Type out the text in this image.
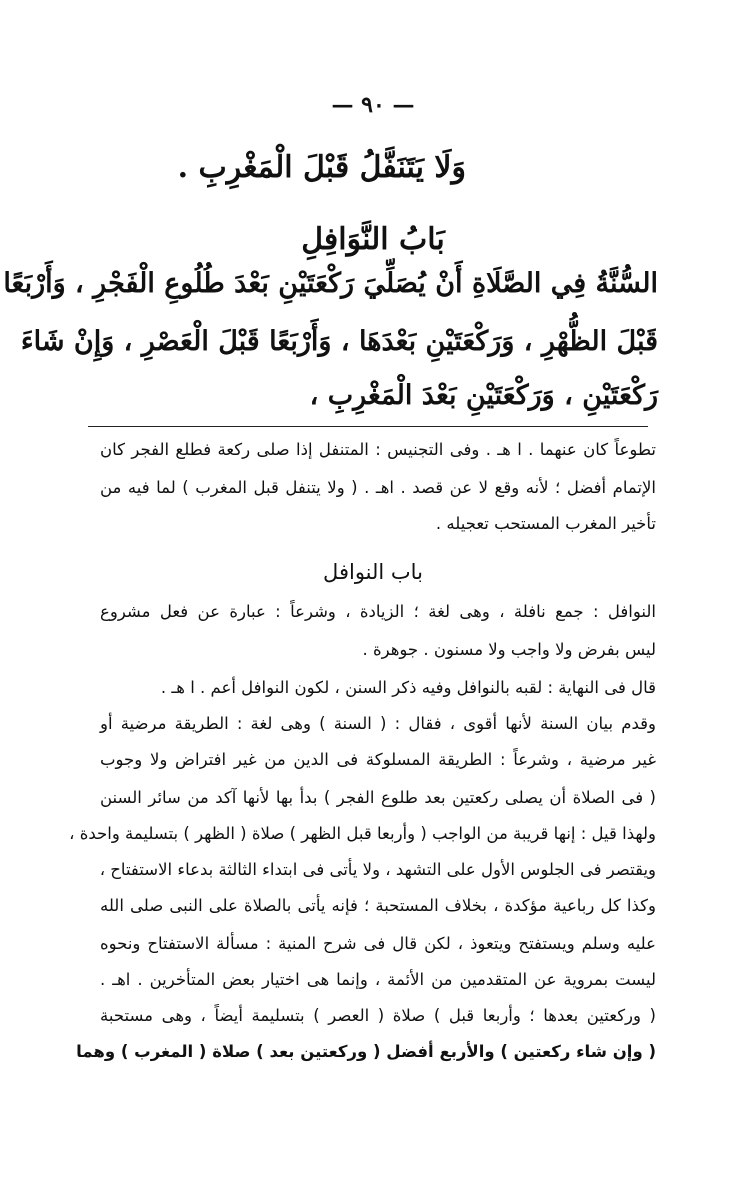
— ٩٠ —
وَلَا يَتَنَفَّلُ قَبْلَ الْمَغْرِبِ .
بَابُ النَّوَافِلِ
السُّنَّةُ فِي الصَّلَاةِ أَنْ يُصَلِّيَ رَكْعَتَيْنِ بَعْدَ طُلُوعِ الْفَجْرِ ، وَأَرْبَعًا
قَبْلَ الظُّهْرِ ، وَرَكْعَتَيْنِ بَعْدَهَا ، وَأَرْبَعًا قَبْلَ الْعَصْرِ ، وَإِنْ شَاءَ
رَكْعَتَيْنِ ، وَرَكْعَتَيْنِ بَعْدَ الْمَغْرِبِ ،
تطوعاً كان عنهما . ا هـ . وفى التجنيس : المتنفل إذا صلى ركعة فطلع الفجر كان
الإتمام أفضل ؛ لأنه وقع لا عن قصد . اهـ . ( ولا يتنفل قبل المغرب ) لما فيه من
تأخير المغرب المستحب تعجيله .
باب النوافل
النوافل : جمع نافلة ، وهى لغة ؛ الزيادة ، وشرعاً : عبارة عن فعل مشروع
ليس بفرض ولا واجب ولا مسنون . جوهرة .
قال فى النهاية : لقبه بالنوافل وفيه ذكر السنن ، لكون النوافل أعم . ا هـ .
وقدم بيان السنة لأنها أقوى ، فقال : ( السنة ) وهى لغة : الطريقة مرضية أو
غير مرضية ، وشرعاً : الطريقة المسلوكة فى الدين من غير افتراض ولا وجوب
( فى الصلاة أن يصلى ركعتين بعد طلوع الفجر ) بدأ بها لأنها آكد من سائر السنن
ولهذا قيل : إنها قريبة من الواجب ( وأربعا قبل الظهر ) صلاة ( الظهر ) بتسليمة واحدة ،
ويقتصر فى الجلوس الأول على التشهد ، ولا يأتى فى ابتداء الثالثة بدعاء الاستفتاح ،
وكذا كل رباعية مؤكدة ، بخلاف المستحبة ؛ فإنه يأتى بالصلاة على النبى صلى الله
عليه وسلم ويستفتح ويتعوذ ، لكن قال فى شرح المنية : مسألة الاستفتاح ونحوه
ليست بمروية عن المتقدمين من الأئمة ، وإنما هى اختيار بعض المتأخرين . اهـ .
( وركعتين بعدها ؛ وأربعا قبل ) صلاة ( العصر ) بتسليمة أيضاً ، وهى مستحبة
( وإن شاء ركعتين ) والأربع أفضل ( وركعتين بعد ) صلاة ( المغرب ) وهما
